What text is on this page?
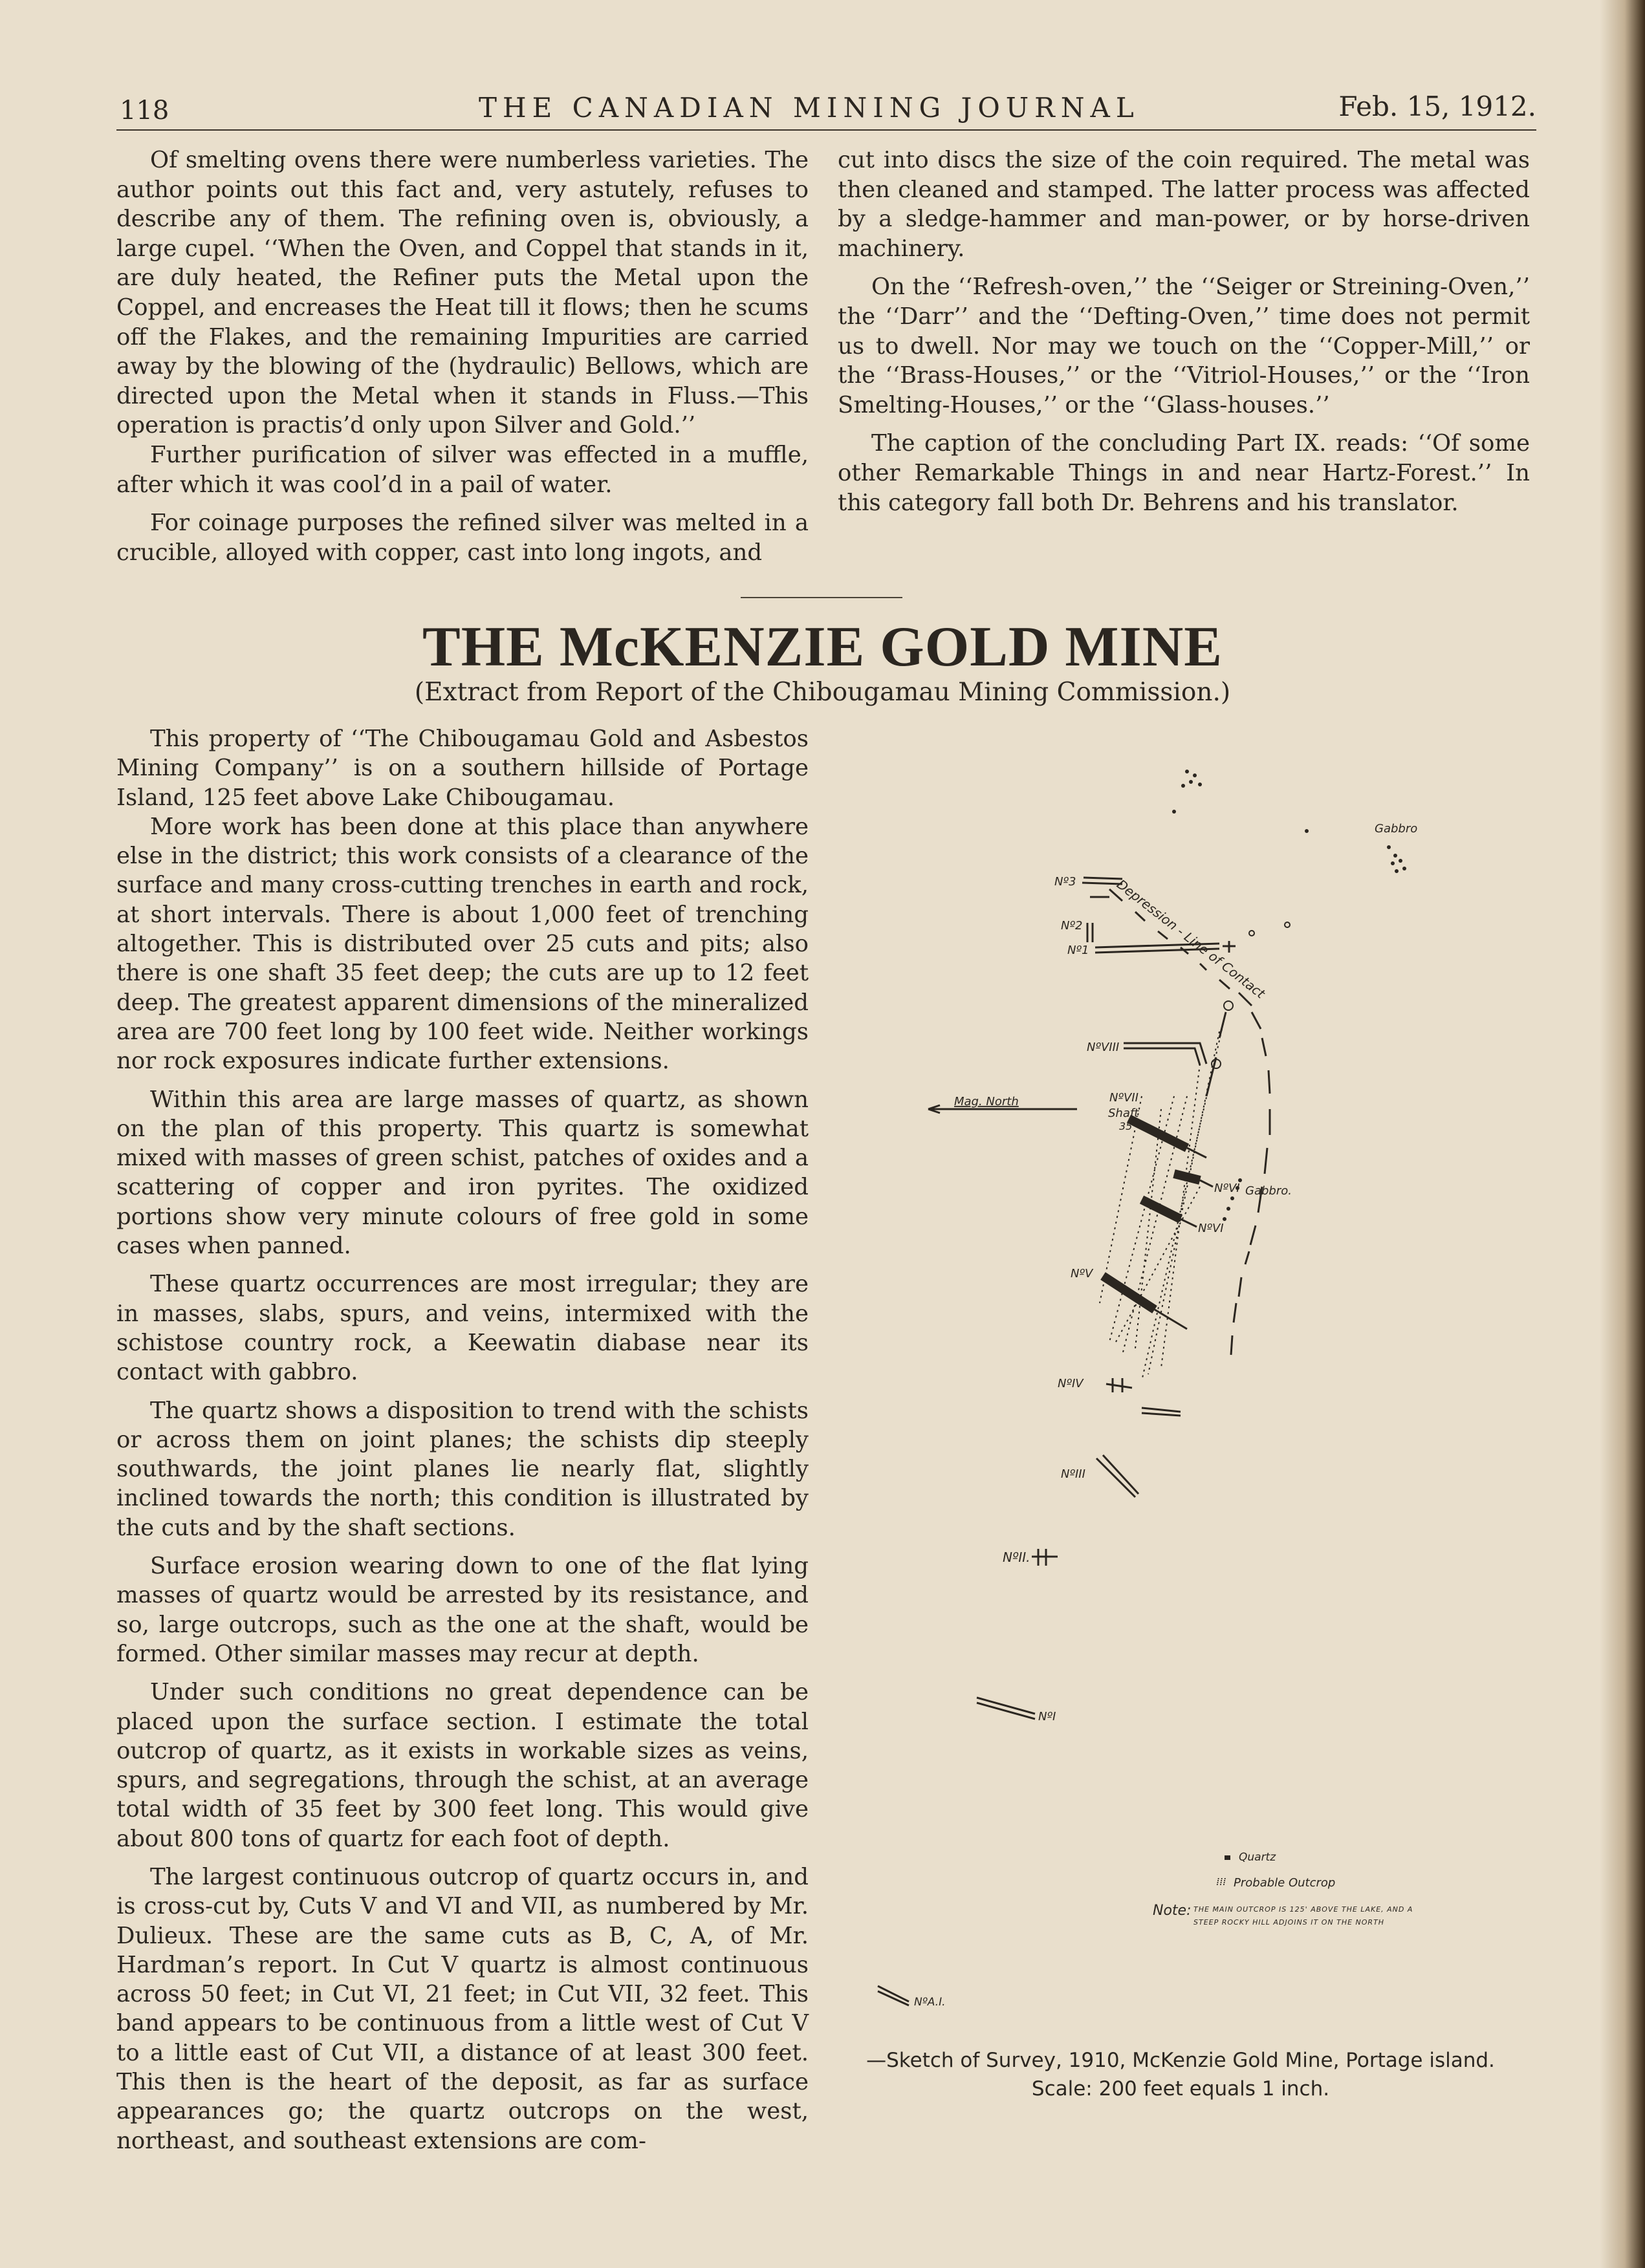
118	THE CANADIAN MINING JOURNAL	Feb. 15, 1912.

Of smelting ovens there were numberless varieties. The author points out this fact and, very astutely, refuses to describe any of them. The refining oven is, obviously, a large cupel. ‘‘When the Oven, and Coppel that stands in it, are duly heated, the Refiner puts the Metal upon the Coppel, and encreases the Heat till it flows; then he scums off the Flakes, and the remaining Impurities are carried away by the blowing of the (hydraulic) Bellows, which are directed upon the Metal when it stands in Fluss.—This operation is practis’d only upon Silver and Gold.’’

Further purification of silver was effected in a muffle, after which it was cool’d in a pail of water.

For coinage purposes the refined silver was melted in a crucible, alloyed with copper, cast into long ingots, and

cut into discs the size of the coin required. The metal was then cleaned and stamped. The latter process was affected by a sledge-hammer and man-power, or by horse-driven machinery.

On the ‘‘Refresh-oven,’’ the ‘‘Seiger or Streining-Oven,’’ the ‘‘Darr’’ and the ‘‘Defting-Oven,’’ time does not permit us to dwell. Nor may we touch on the ‘‘Copper-Mill,’’ or the ‘‘Brass-Houses,’’ or the ‘‘Vitriol-Houses,’’ or the ‘‘Iron Smelting-Houses,’’ or the ‘‘Glass-houses.’’

The caption of the concluding Part IX. reads: ‘‘Of some other Remarkable Things in and near Hartz-Forest.’’ In this category fall both Dr. Behrens and his translator.

THE McKENZIE GOLD MINE
(Extract from Report of the Chibougamau Mining Commission.)

This property of ‘‘The Chibougamau Gold and Asbestos Mining Company’’ is on a southern hillside of Portage Island, 125 feet above Lake Chibougamau.

More work has been done at this place than anywhere else in the district; this work consists of a clearance of the surface and many cross-cutting trenches in earth and rock, at short intervals. There is about 1,000 feet of trenching altogether. This is distributed over 25 cuts and pits; also there is one shaft 35 feet deep; the cuts are up to 12 feet deep. The greatest apparent dimensions of the mineralized area are 700 feet long by 100 feet wide. Neither workings nor rock exposures indicate further extensions.

Within this area are large masses of quartz, as shown on the plan of this property. This quartz is somewhat mixed with masses of green schist, patches of oxides and a scattering of copper and iron pyrites. The oxidized portions show very minute colours of free gold in some cases when panned.

These quartz occurrences are most irregular; they are in masses, slabs, spurs, and veins, intermixed with the schistose country rock, a Keewatin diabase near its contact with gabbro.

The quartz shows a disposition to trend with the schists or across them on joint planes; the schists dip steeply southwards, the joint planes lie nearly flat, slightly inclined towards the north; this condition is illustrated by the cuts and by the shaft sections.

Surface erosion wearing down to one of the flat lying masses of quartz would be arrested by its resistance, and so, large outcrops, such as the one at the shaft, would be formed. Other similar masses may recur at depth.

Under such conditions no great dependence can be placed upon the surface section. I estimate the total outcrop of quartz, as it exists in workable sizes as veins, spurs, and segregations, through the schist, at an average total width of 35 feet by 300 feet long. This would give about 800 tons of quartz for each foot of depth.

The largest continuous outcrop of quartz occurs in, and is cross-cut by, Cuts V and VI and VII, as numbered by Mr. Dulieux. These are the same cuts as B, C, A, of Mr. Hardman’s report. In Cut V quartz is almost continuous across 50 feet; in Cut VI, 21 feet; in Cut VII, 32 feet. This band appears to be continuous from a little west of Cut V to a little east of Cut VII, a distance of at least 300 feet. This then is the heart of the deposit, as far as surface appearances go; the quartz outcrops on the west, northeast, and southeast extensions are com-

Depression - Line of Contact
Gabbro
Nº3
Nº2
Nº1
NºVIII
Mag. North	NºVII
Shaft
35
Gabbro.
NºVI
NºVI
NºV
NºIV
NºIII
NºII.
NºI
Quartz
⁞⁞⁞ Probable Outcrop
Note: THE MAIN OUTCROP IS 125' ABOVE THE LAKE, AND A STEEP ROCKY HILL ADJOINS IT ON THE NORTH
NºA.I.
—Sketch of Survey, 1910, McKenzie Gold Mine, Portage island.
Scale: 200 feet equals 1 inch.
